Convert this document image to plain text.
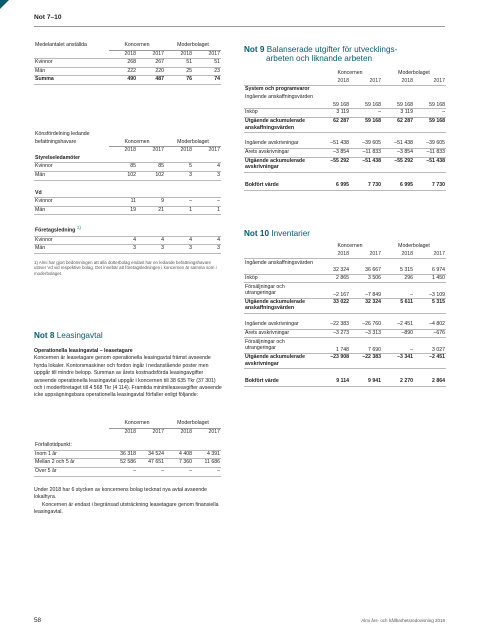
Not 7–10
Medelantalet anställda	Koncernen		Moderbolaget	
	2018	2017	2018	2017
Kvinnor	268	267	51	51
Män	222	220	25	23
Summa	490	487	76	74
Könsfördelning ledande				
befattningshavare	Koncernen		Moderbolaget	
	2018	2017	2018	2017
Styrelseledamöter				
Kvinnor	85	85	5	4
Män	102	102	3	3

Vd				
Kvinnor	11	9	–	–
Män	19	21	1	1

Företagsledning 1)				
Kvinnor	4	4	4	4
Män	3	3	3	3
1) Almi har gjort bedömningen att alla dotterbolag endast har en ledande befattningshavare utöver Vd vid respektive bolag. Det innebär att företagsledningen i koncernen är samma som i moderbolaget.
Not 8 Leasingavtal
Operationella leasingavtal – leasetagare
Koncernen är leasetagare genom operationella leasingavtal främst avseende hyrda lokaler. Kontorsmaskiner och fordon ingår i nedanstående poster men uppgår till mindre belopp. Summan av årets kostnadsförda leasingavgifter avseende operationella leasingavtal uppgår i koncernen till 38 635 Tkr (37 301) och i moderföretaget till 4 568 Tkr (4 114). Framtida minimileaseavgifter avseende icke uppsägningsbara operationella leasingavtal förfaller enligt följande:
	Koncernen		Moderbolaget	
	2018	2017	2018	2017

Förfallotidpunkt:				
Inom 1 år	36 318	34 524	4 408	4 391
Mellan 2 och 5 år	52 586	47 651	7 360	11 686
Över 5 år	–	–	–	–
Under 2018 har 6 stycken av koncernens bolag tecknat nya avtal avseende lokalhyra.
Koncernen är endast i begränsad utsträckning leasetagare genom finansiella leasingavtal.
Not 9 Balanserade utgifter för utvecklings-
arbeten och liknande arbeten
	Koncernen		Moderbolaget	
	2018	2017	2018	2017
System och programvaror				
Ingående anskaffningsvärden	59 168	59 168	59 168	59 168
Inköp	3 119	–	3 119	–
Utgående ackumulerade anskaffningsvärden	62 287	59 168	62 287	59 168

Ingående avskrivningar	–51 438	–39 605	–51 438	–39 605
Årets avskrivningar	–3 854	–11 833	–3 854	–11 833
Utgående ackumulerade avskrivningar	–55 292	–51 438	–55 292	–51 438

Bokfört värde	6 995	7 730	6 995	7 730
Not 10 Inventarier
	Koncernen		Moderbolaget	
	2018	2017	2018	2017
Ingående anskaffningsvärden	32 324	36 667	5 315	6 974
Inköp	2 865	3 506	296	1 450
Försäljningar och utrangeringar	–2 167	–7 849	–	–3 109
Utgående ackumulerade anskaffningsvärden	33 022	32 324	5 611	5 315

Ingående avskrivningar	–22 383	–26 760	–2 451	–4 802
Årets avskrivningar	–3 273	–3 313	–890	–676
Försäljningar och utrangeringar	1 748	7 690	–	3 027
Utgående ackumulerade avskrivningar	–23 908	–22 383	–3 341	–2 451

Bokfört värde	9 114	9 941	2 270	2 864
58	Almi års- och hållbarhetsredovisning 2018
